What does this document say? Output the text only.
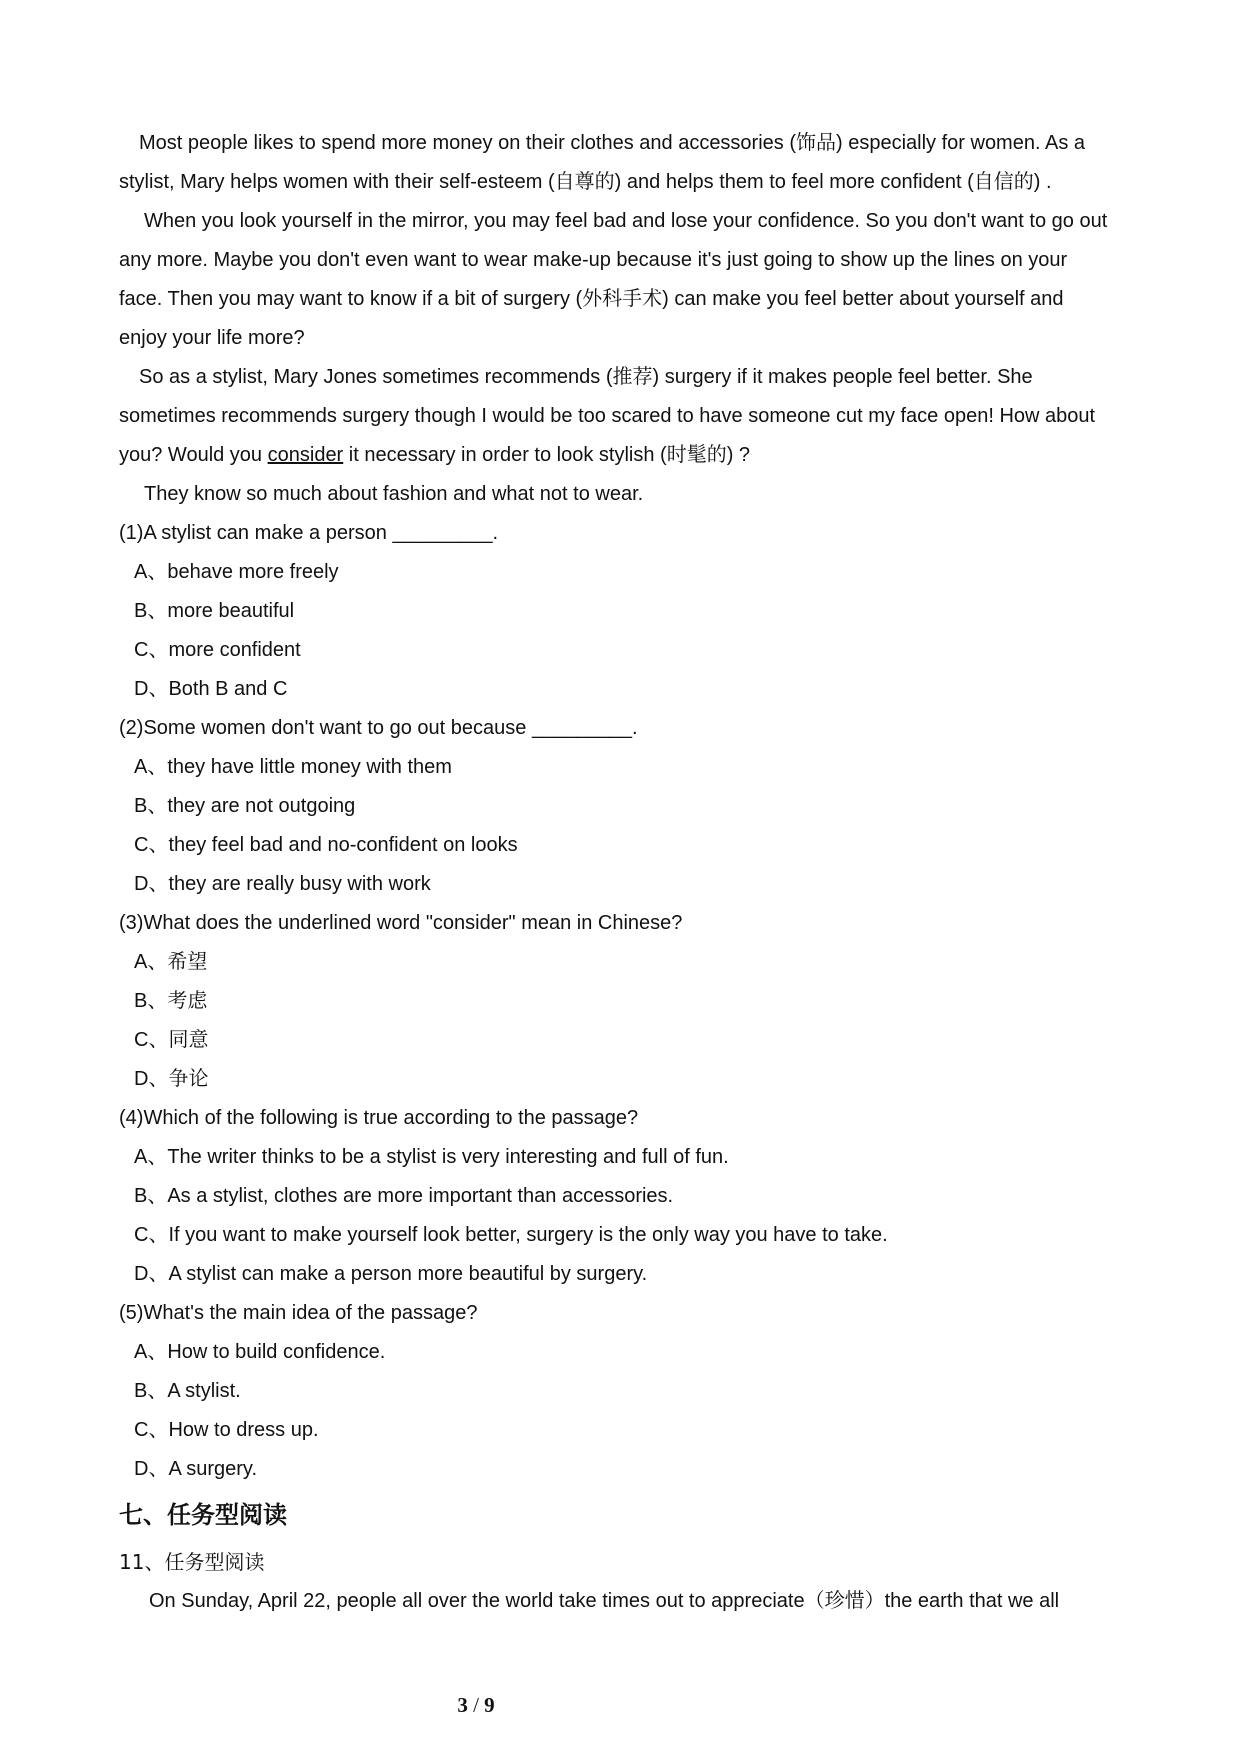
Most people likes to spend more money on their clothes and accessories (饰品) especially for women. As a

stylist, Mary helps women with their self-esteem (自尊的) and helps them to feel more confident (自信的) .

When you look yourself in the mirror, you may feel bad and lose your confidence. So you don't want to go out

any more. Maybe you don't even want to wear make-up because it's just going to show up the lines on your

face. Then you may want to know if a bit of surgery (外科手术) can make you feel better about yourself and

enjoy your life more?

So as a stylist, Mary Jones sometimes recommends (推荐) surgery if it makes people feel better. She

sometimes recommends surgery though I would be too scared to have someone cut my face open! How about

you? Would you consider it necessary in order to look stylish (时髦的) ?

They know so much about fashion and what not to wear.

(1)A stylist can make a person _________.

A、behave more freely

B、more beautiful

C、more confident

D、Both B and C

(2)Some women don't want to go out because _________.

A、they have little money with them

B、they are not outgoing

C、they feel bad and no-confident on looks

D、they are really busy with work

(3)What does the underlined word "consider" mean in Chinese?

A、希望

B、考虑

C、同意

D、争论

(4)Which of the following is true according to the passage?

A、The writer thinks to be a stylist is very interesting and full of fun.

B、As a stylist, clothes are more important than accessories.

C、If you want to make yourself look better, surgery is the only way you have to take.

D、A stylist can make a person more beautiful by surgery.

(5)What's the main idea of the passage?

A、How to build confidence.

B、A stylist.

C、How to dress up.

D、A surgery.

七、任务型阅读

11、任务型阅读

On Sunday, April 22, people all over the world take times out to appreciate（珍惜）the earth that we all

3 / 9
